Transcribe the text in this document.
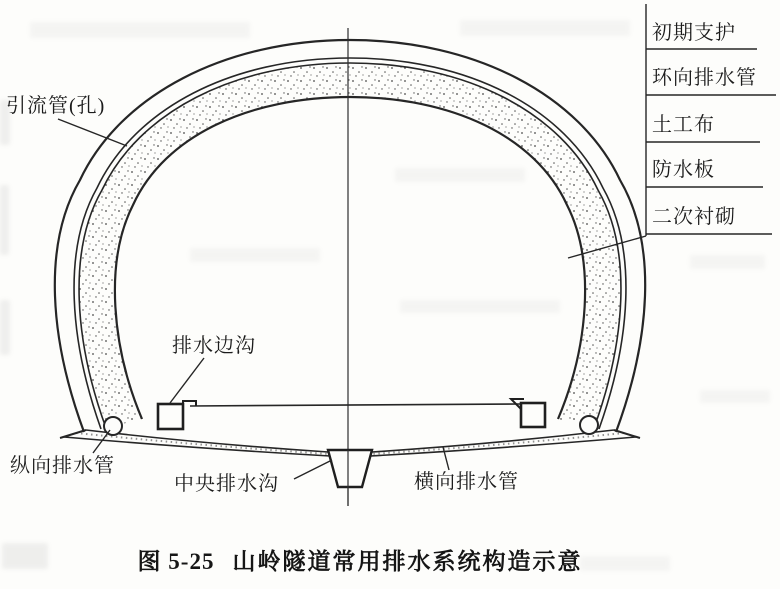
引流管(孔)
初期支护
环向排水管
土工布
防水板
二次衬砌
排水边沟
纵向排水管
中央排水沟	横向排水管
图 5-25 山岭隧道常用排水系统构造示意
